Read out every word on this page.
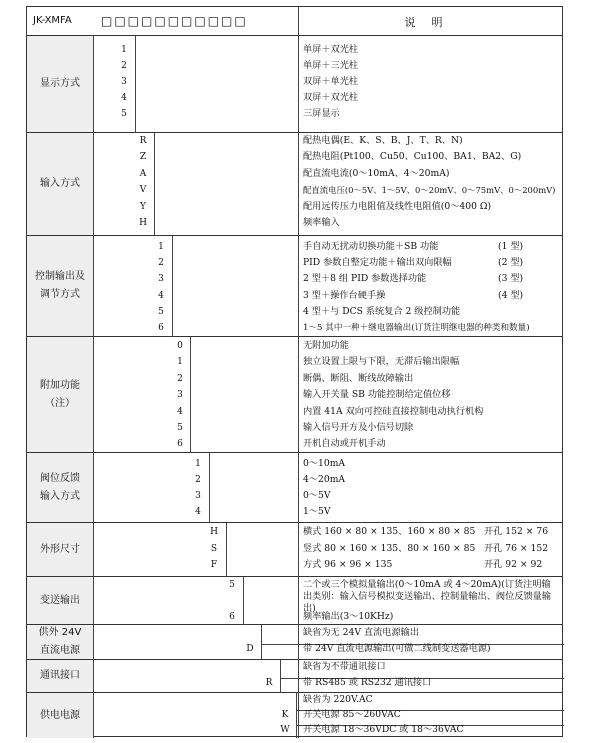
JK-XMFA □□□□□□□□□□□	说明
显示方式
1	单屏＋双光柱
2	单屏＋三光柱
3	双屏＋单光柱
4	双屏＋双光柱
5	三屏显示
输入方式
R	配热电偶(E、K、S、B、J、T、R、N)
Z	配热电阻(Pt100、Cu50、Cu100、BA1、BA2、G)
A	配直流电流(0～10mA、4～20mA)
V	配直流电压(0～5V、1～5V、0～20mV、0～75mV、0～200mV)
Y	配用远传压力电阻值及线性电阻值(0～400 Ω)
H	频率输入
控制输出及
调节方式
1	手自动无扰动切换功能＋SB 功能	(1 型)
2	PID 参数自整定功能＋输出双向限幅	(2 型)
3	2 型＋8 组 PID 参数选择功能	(3 型)
4	3 型＋操作台硬手操	(4 型)
5	4 型＋与 DCS 系统复合 2 级控制功能
6	1～5 其中一种＋继电器输出(订货注明继电器的种类和数量)
附加功能
（注）
0	无附加功能
1	独立设置上限与下限，无滞后输出限幅
2	断偶、断阻、断线故障输出
3	输入开关量 SB 功能控制给定值位移
4	内置 41A 双向可控硅直接控制电动执行机构
5	输入信号开方及小信号切除
6	开机自动或开机手动
阀位反馈
输入方式
1	0～10mA
2	4～20mA
3	0～5V
4	1～5V
外形尺寸
H	横式 160 × 80 × 135、160 × 80 × 85 开孔 152 × 76
S	竖式 80 × 160 × 135、80 × 160 × 85 开孔 76 × 152
F	方式 96 × 96 × 135	开孔 92 × 92
变送输出
5	二个或三个模拟量输出(0～10mA 或 4～20mA)(订货注明输出类别：输入信号模拟变送输出、控制量输出、阀位反馈量输出)
6	频率输出(3～10KHz)
供外 24V
直流电源
缺省为无 24V 直流电源输出
D	带 24V 直流电源输出(可做二线制变送器电源)
通讯接口
缺省为不带通讯接口
R	带 RS485 或 RS232 通讯接口
供电电源
缺省为 220V.AC
K 开关电源 85～260VAC
W 开关电源 18～36VDC 或 18～36VAC
